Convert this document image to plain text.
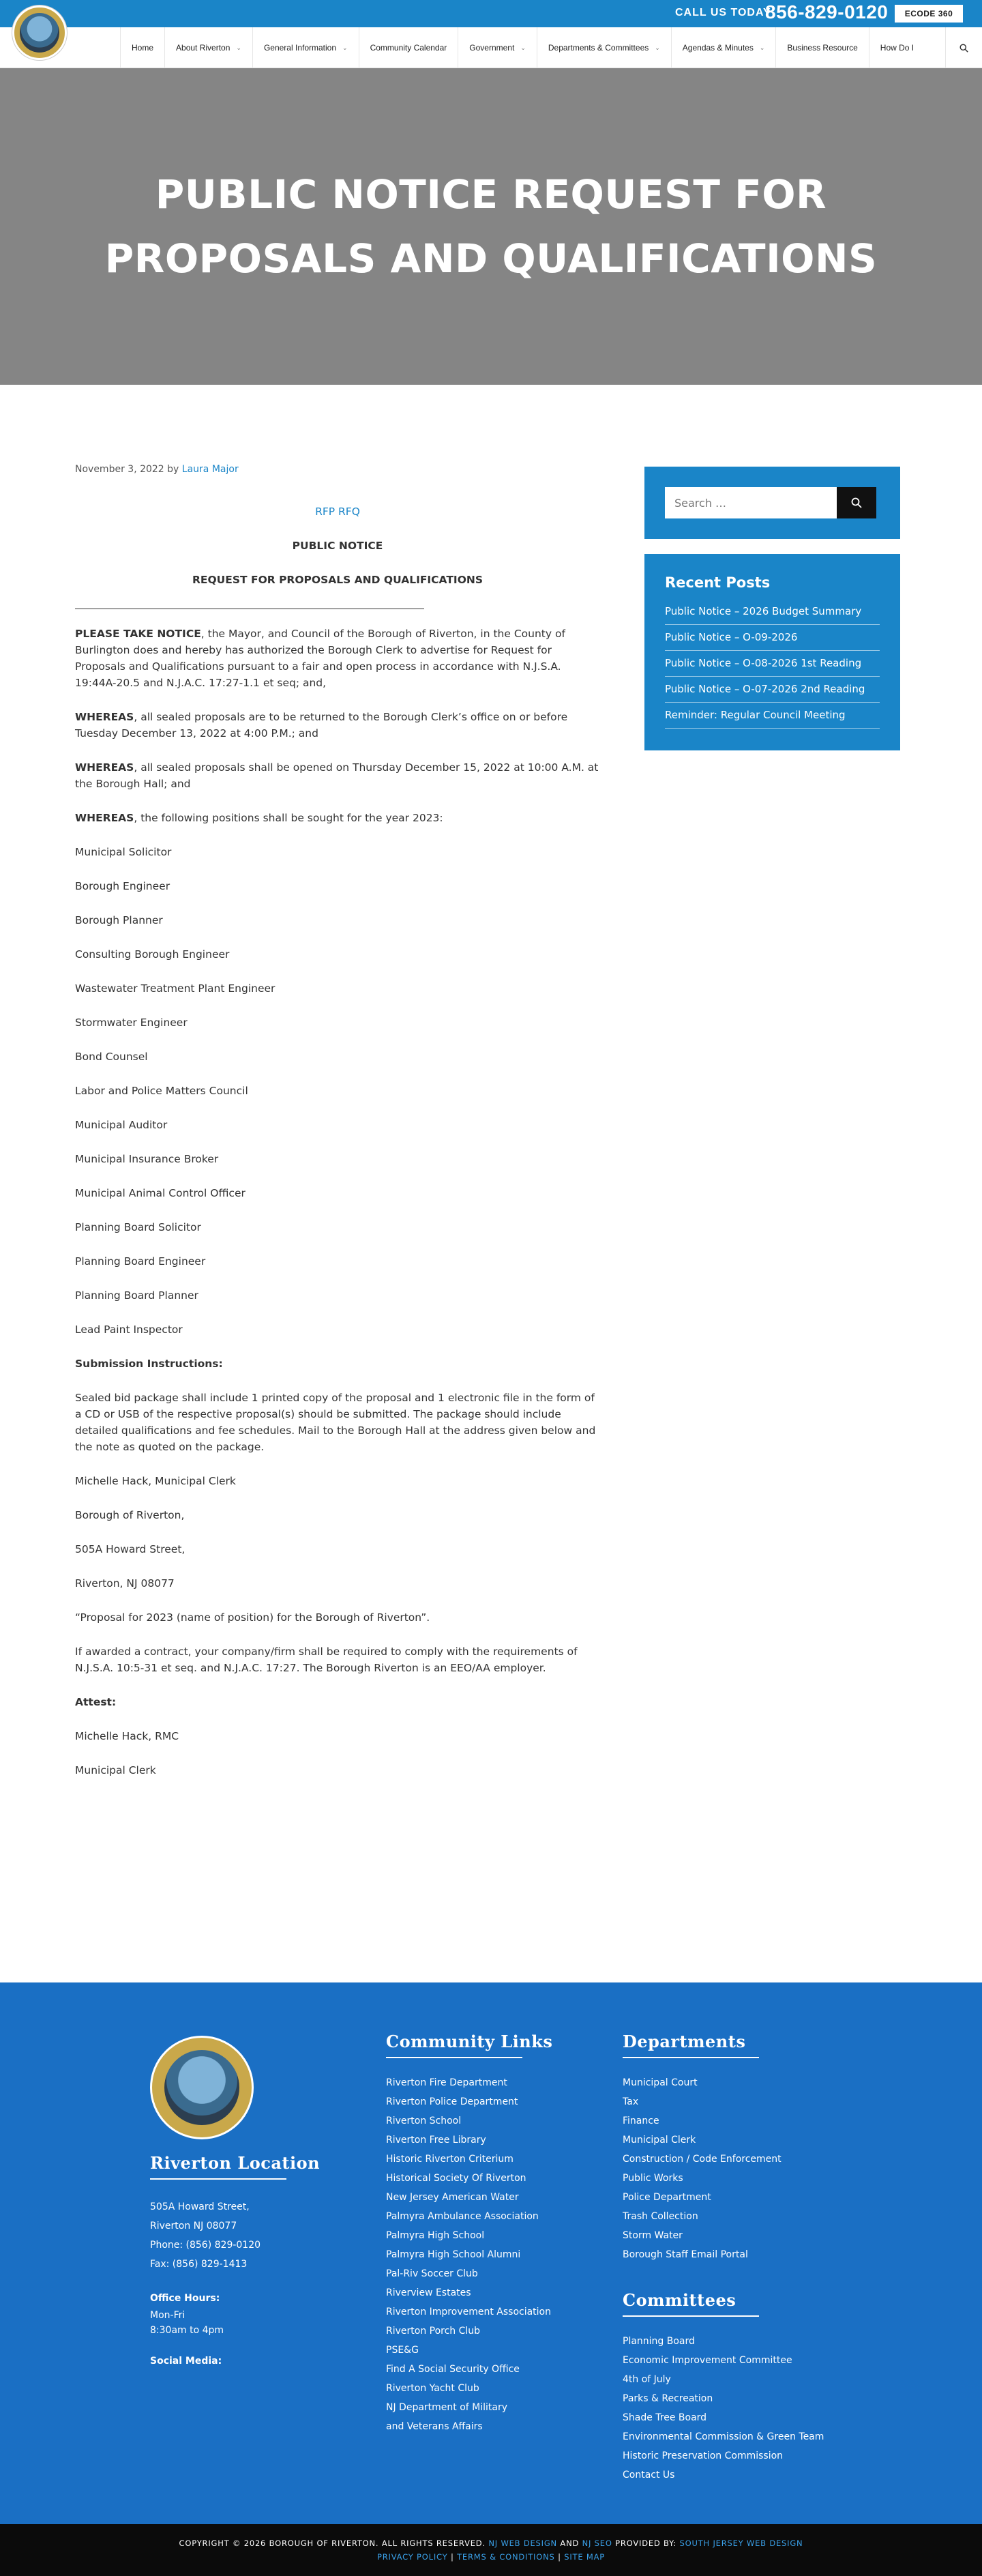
CALL US TODAY
856-829-0120	ECODE 360
Home	About Riverton ⌄	General Information ⌄	Community Calendar	Government ⌄	Departments & Committees ⌄	Agendas & Minutes ⌄	Business Resource	How Do I
PUBLIC NOTICE REQUEST FOR PROPOSALS AND QUALIFICATIONS
November 3, 2022 by Laura Major
RFP RFQ
PUBLIC NOTICE
REQUEST FOR PROPOSALS AND QUALIFICATIONS

PLEASE TAKE NOTICE, the Mayor, and Council of the Borough of Riverton, in the County of Burlington does and hereby has authorized the Borough Clerk to advertise for Request for Proposals and Qualifications pursuant to a fair and open process in accordance with N.J.S.A. 19:44A-20.5 and N.J.A.C. 17:27-1.1 et seq; and,

WHEREAS, all sealed proposals are to be returned to the Borough Clerk’s office on or before Tuesday December 13, 2022 at 4:00 P.M.; and

WHEREAS, all sealed proposals shall be opened on Thursday December 15, 2022 at 10:00 A.M. at the Borough Hall; and

WHEREAS, the following positions shall be sought for the year 2023:

Municipal Solicitor

Borough Engineer

Borough Planner

Consulting Borough Engineer

Wastewater Treatment Plant Engineer

Stormwater Engineer

Bond Counsel

Labor and Police Matters Council

Municipal Auditor

Municipal Insurance Broker

Municipal Animal Control Officer

Planning Board Solicitor

Planning Board Engineer

Planning Board Planner

Lead Paint Inspector

Submission Instructions:

Sealed bid package shall include 1 printed copy of the proposal and 1 electronic file in the form of a CD or USB of the respective proposal(s) should be submitted. The package should include detailed qualifications and fee schedules. Mail to the Borough Hall at the address given below and the note as quoted on the package.

Michelle Hack, Municipal Clerk

Borough of Riverton,

505A Howard Street,

Riverton, NJ 08077

“Proposal for 2023 (name of position) for the Borough of Riverton”.

If awarded a contract, your company/firm shall be required to comply with the requirements of N.J.S.A. 10:5-31 et seq. and N.J.A.C. 17:27. The Borough Riverton is an EEO/AA employer.

Attest:

Michelle Hack, RMC

Municipal Clerk

Search …
Recent Posts
Public Notice – 2026 Budget Summary
Public Notice – O-09-2026
Public Notice – O-08-2026 1st Reading
Public Notice – O-07-2026 2nd Reading
Reminder: Regular Council Meeting
Riverton Location
505A Howard Street,
Riverton NJ 08077
Phone: (856) 829-0120
Fax: (856) 829-1413
Office Hours:
Mon-Fri
8:30am to 4pm
Social Media:
Community Links
Riverton Fire Department
Riverton Police Department
Riverton School
Riverton Free Library
Historic Riverton Criterium
Historical Society Of Riverton
New Jersey American Water
Palmyra Ambulance Association
Palmyra High School
Palmyra High School Alumni
Pal-Riv Soccer Club
Riverview Estates
Riverton Improvement Association
Riverton Porch Club
PSE&G
Find A Social Security Office
Riverton Yacht Club
NJ Department of Military
and Veterans Affairs
Departments
Municipal Court
Tax
Finance
Municipal Clerk
Construction / Code Enforcement
Public Works
Police Department
Trash Collection
Storm Water
Borough Staff Email Portal
Committees
Planning Board
Economic Improvement Committee
4th of July
Parks & Recreation
Shade Tree Board
Environmental Commission & Green Team
Historic Preservation Commission
Contact Us
COPYRIGHT © 2026 BOROUGH OF RIVERTON. ALL RIGHTS RESERVED. NJ WEB DESIGN AND NJ SEO PROVIDED BY: SOUTH JERSEY WEB DESIGN
PRIVACY POLICY | TERMS & CONDITIONS | SITE MAP
